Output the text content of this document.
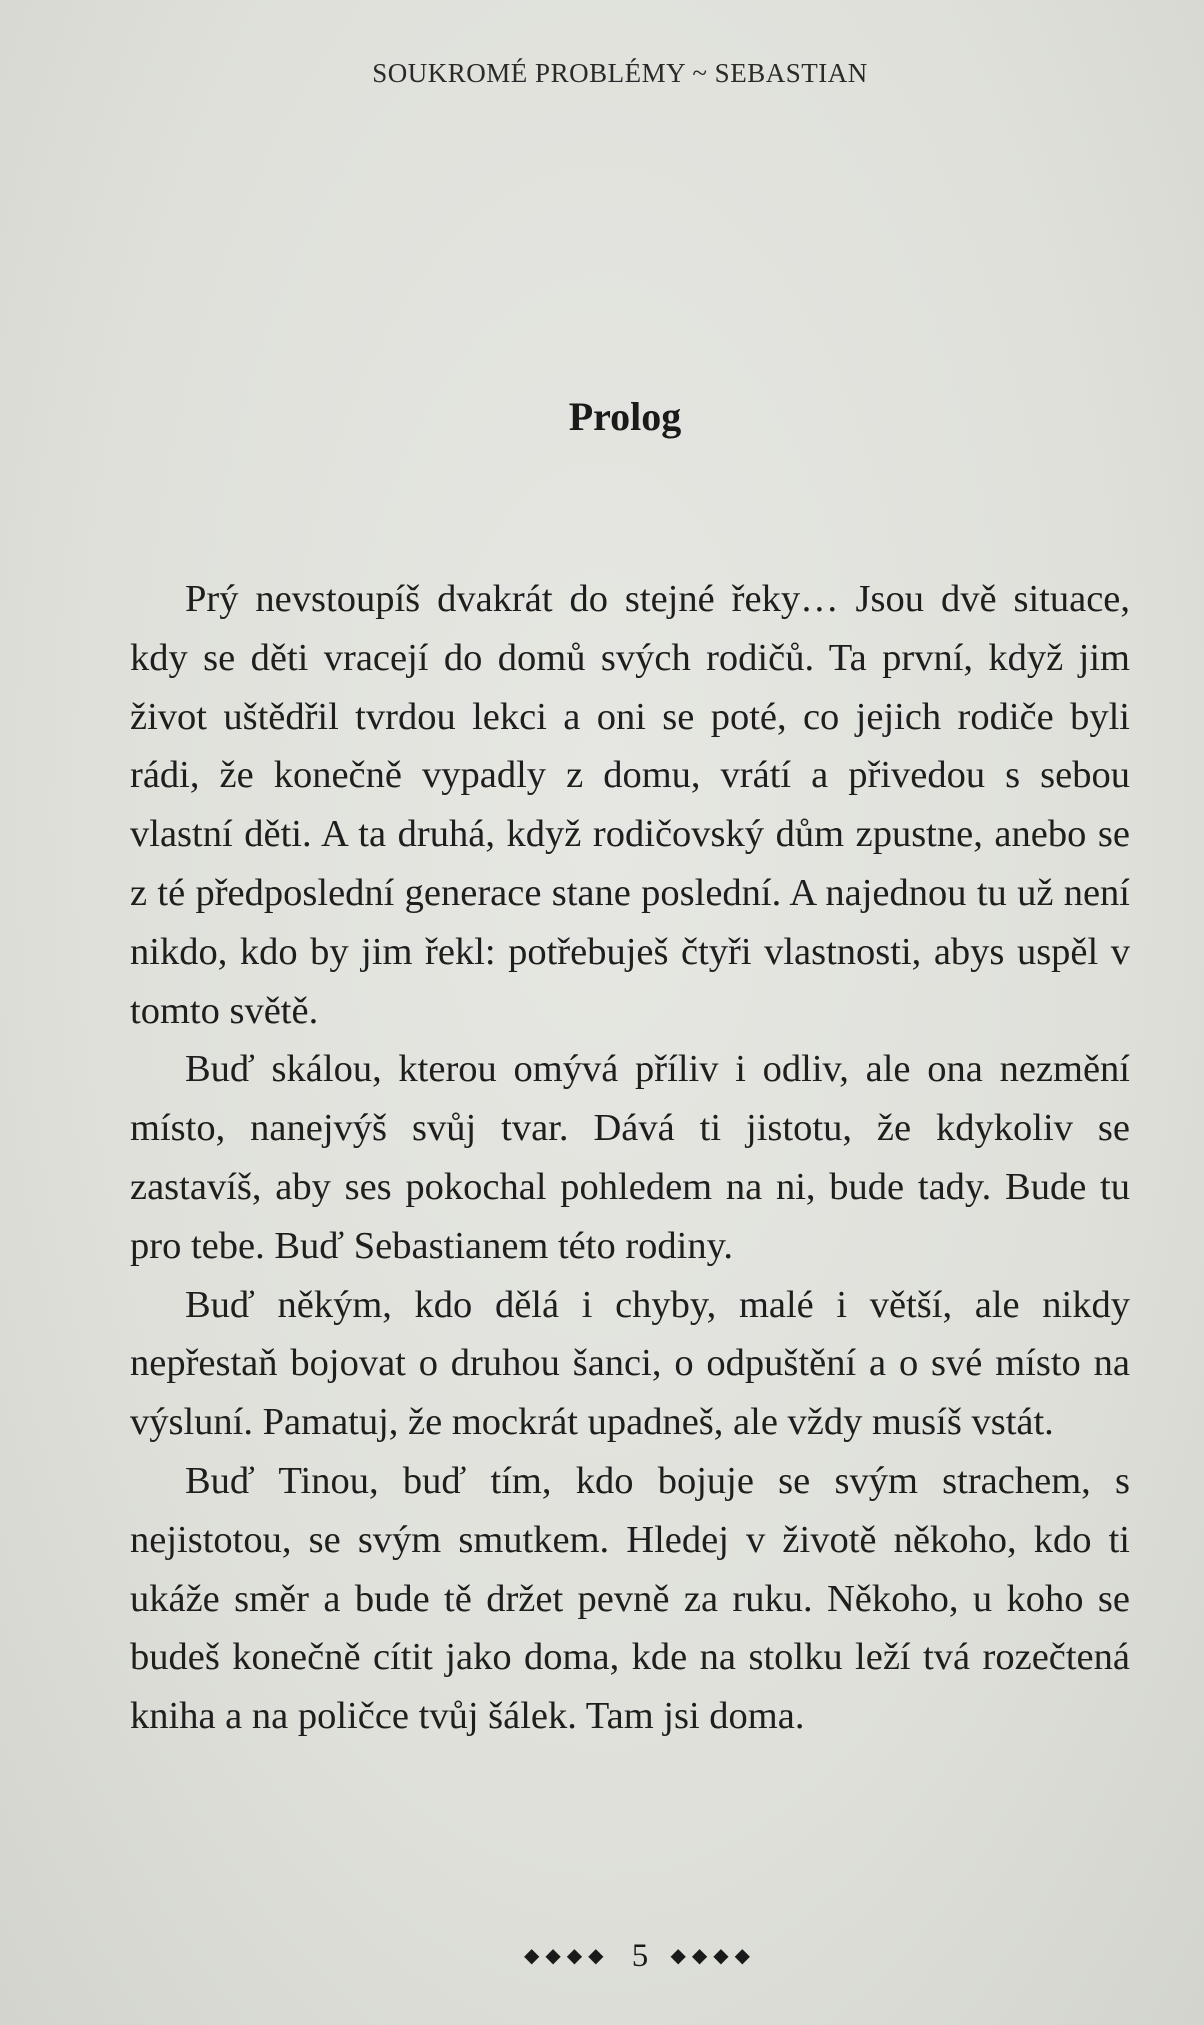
SOUKROMÉ PROBLÉMY ~ SEBASTIAN
Prolog

Prý nevstoupíš dvakrát do stejné řeky… Jsou dvě situace, kdy se děti vracejí do domů svých rodičů. Ta první, když jim život uštědřil tvrdou lekci a oni se poté, co jejich rodiče byli rádi, že konečně vypadly z domu, vrátí a přivedou s sebou vlastní děti. A ta druhá, když rodičovský dům zpustne, anebo se z té předposlední generace stane poslední. A najednou tu už není nikdo, kdo by jim řekl: potřebuješ čtyři vlastnosti, abys uspěl v tomto světě.

Buď skálou, kterou omývá příliv i odliv, ale ona nezmění místo, nanejvýš svůj tvar. Dává ti jistotu, že kdykoliv se zastavíš, aby ses pokochal pohledem na ni, bude tady. Bude tu pro tebe. Buď Sebastianem této rodiny.

Buď někým, kdo dělá i chyby, malé i větší, ale nikdy nepřestaň bojovat o druhou šanci, o odpuštění a o své místo na výsluní. Pamatuj, že mockrát upadneš, ale vždy musíš vstát.

Buď Tinou, buď tím, kdo bojuje se svým strachem, s nejistotou, se svým smutkem. Hledej v životě někoho, kdo ti ukáže směr a bude tě držet pevně za ruku. Někoho, u koho se budeš konečně cítit jako doma, kde na stolku leží tvá rozečtená kniha a na poličce tvůj šálek. Tam jsi doma.

◆◆◆◆ 5 ◆◆◆◆
